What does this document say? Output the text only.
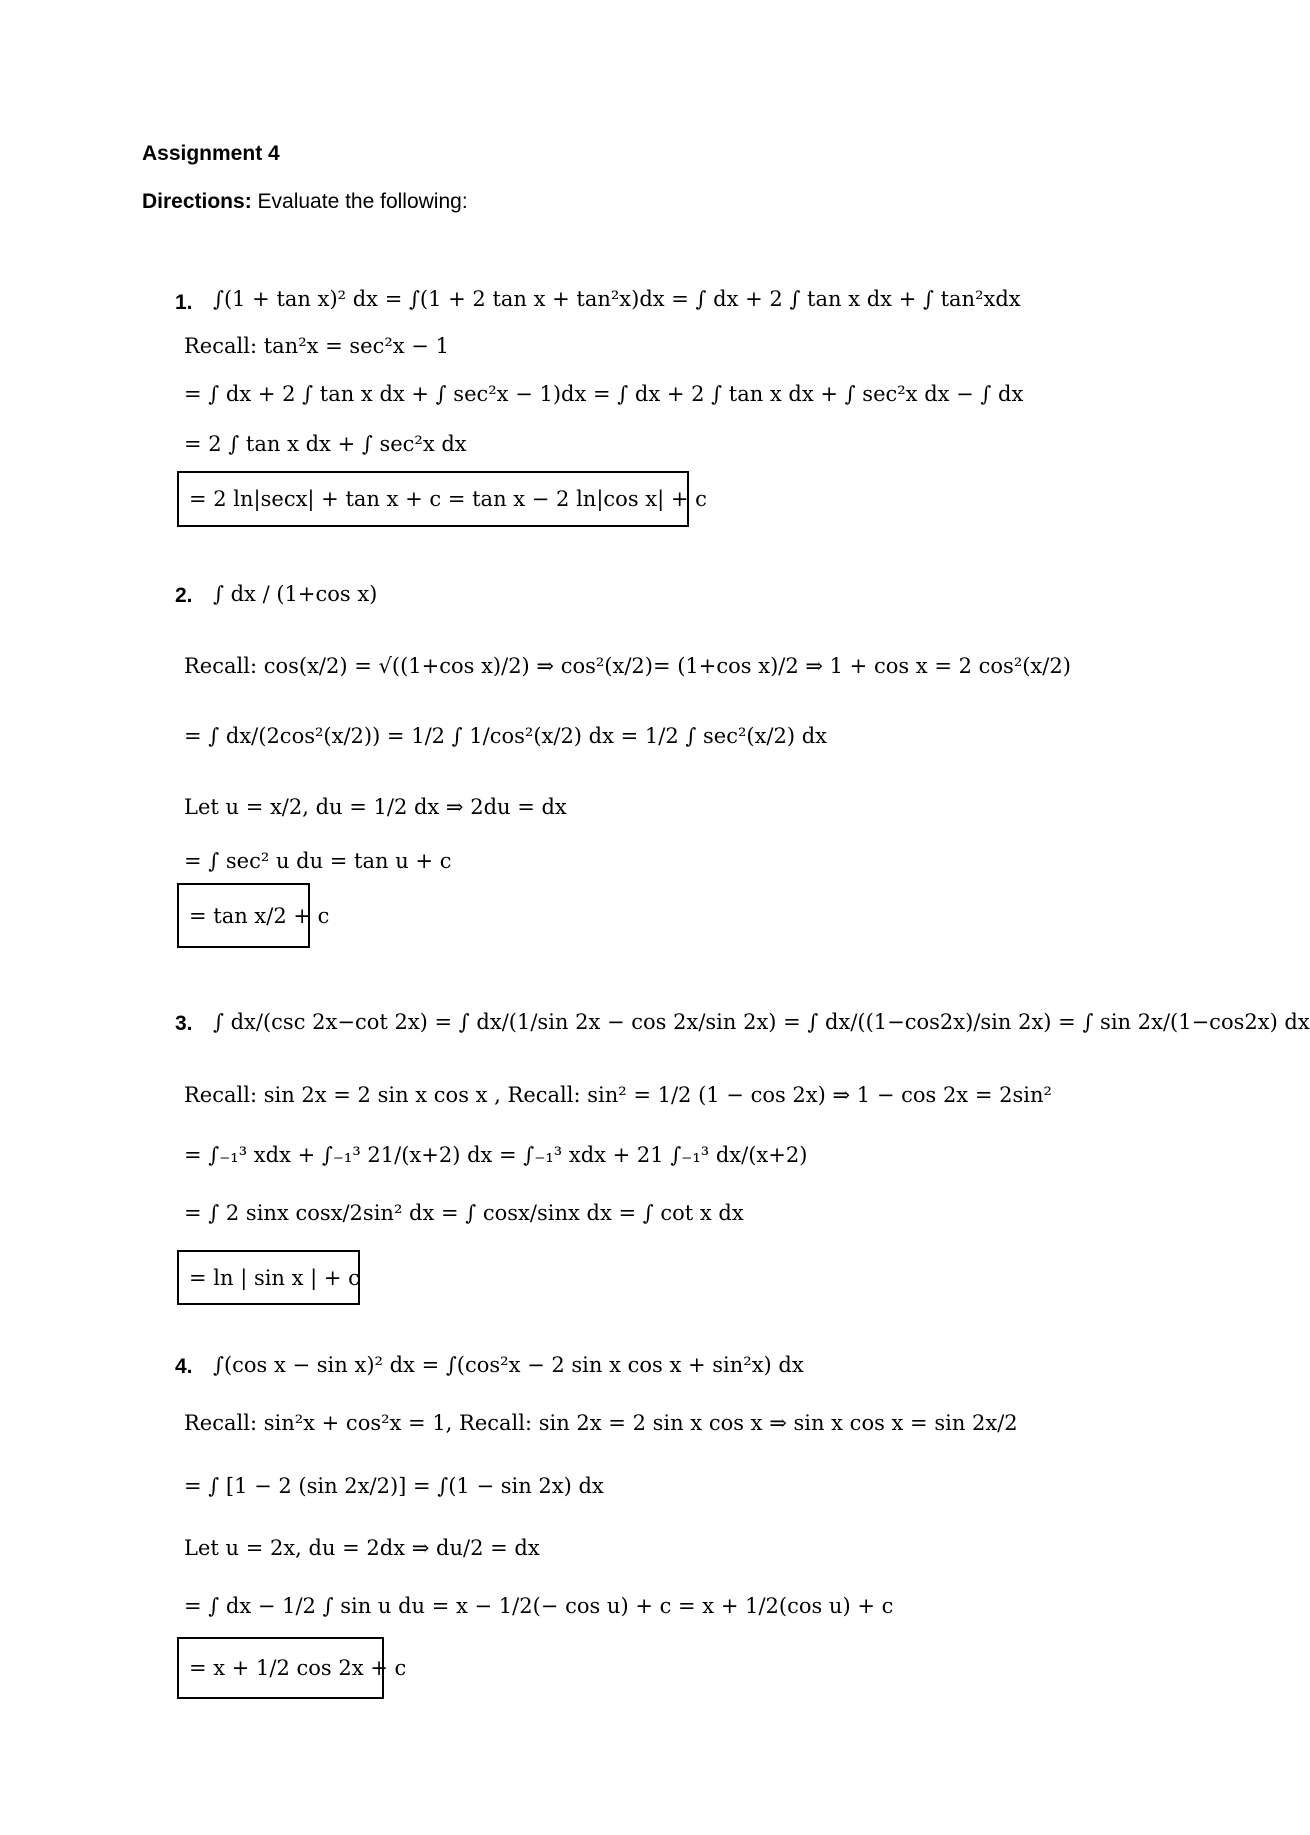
Assignment 4
Directions: Evaluate the following:
1. ∫(1 + tan x)² dx = ∫(1 + 2 tan x + tan²x)dx = ∫ dx + 2 ∫ tan x dx + ∫ tan²xdx
Recall: tan²x = sec²x − 1
= ∫ dx + 2 ∫ tan x dx + ∫ sec²x − 1)dx = ∫ dx + 2 ∫ tan x dx + ∫ sec²x dx − ∫ dx
= 2 ∫ tan x dx + ∫ sec²x dx
= 2 ln|secx| + tan x + c = tan x − 2 ln|cos x| + c
2. ∫ dx / (1+cos x)
Recall: cos(x/2) = √((1+cos x)/2) ⇒ cos²(x/2)= (1+cos x)/2 ⇒ 1 + cos x = 2 cos²(x/2)
= ∫ dx/(2cos²(x/2)) = 1/2 ∫ 1/cos²(x/2) dx = 1/2 ∫ sec²(x/2) dx
Let u = x/2, du = 1/2 dx ⇒ 2du = dx
= ∫ sec² u du = tan u + c
= tan x/2 + c
3. ∫ dx/(csc 2x−cot 2x) = ∫ dx/(1/sin 2x − cos 2x/sin 2x) = ∫ dx/((1−cos2x)/sin 2x) = ∫ sin 2x/(1−cos2x) dx
Recall: sin 2x = 2 sin x cos x , Recall: sin² = 1/2 (1 − cos 2x) ⇒ 1 − cos 2x = 2sin²
= ∫₋₁³ xdx + ∫₋₁³ 21/(x+2) dx = ∫₋₁³ xdx + 21 ∫₋₁³ dx/(x+2)
= ∫ 2 sinx cosx/2sin² dx = ∫ cosx/sinx dx = ∫ cot x dx
= ln | sin x | + c
4. ∫(cos x − sin x)² dx = ∫(cos²x − 2 sin x cos x + sin²x) dx
Recall: sin²x + cos²x = 1, Recall: sin 2x = 2 sin x cos x ⇒ sin x cos x = sin 2x/2
= ∫ [1 − 2 (sin 2x/2)] = ∫(1 − sin 2x) dx
Let u = 2x, du = 2dx ⇒ du/2 = dx
= ∫ dx − 1/2 ∫ sin u du = x − 1/2(− cos u) + c = x + 1/2(cos u) + c
= x + 1/2 cos 2x + c
